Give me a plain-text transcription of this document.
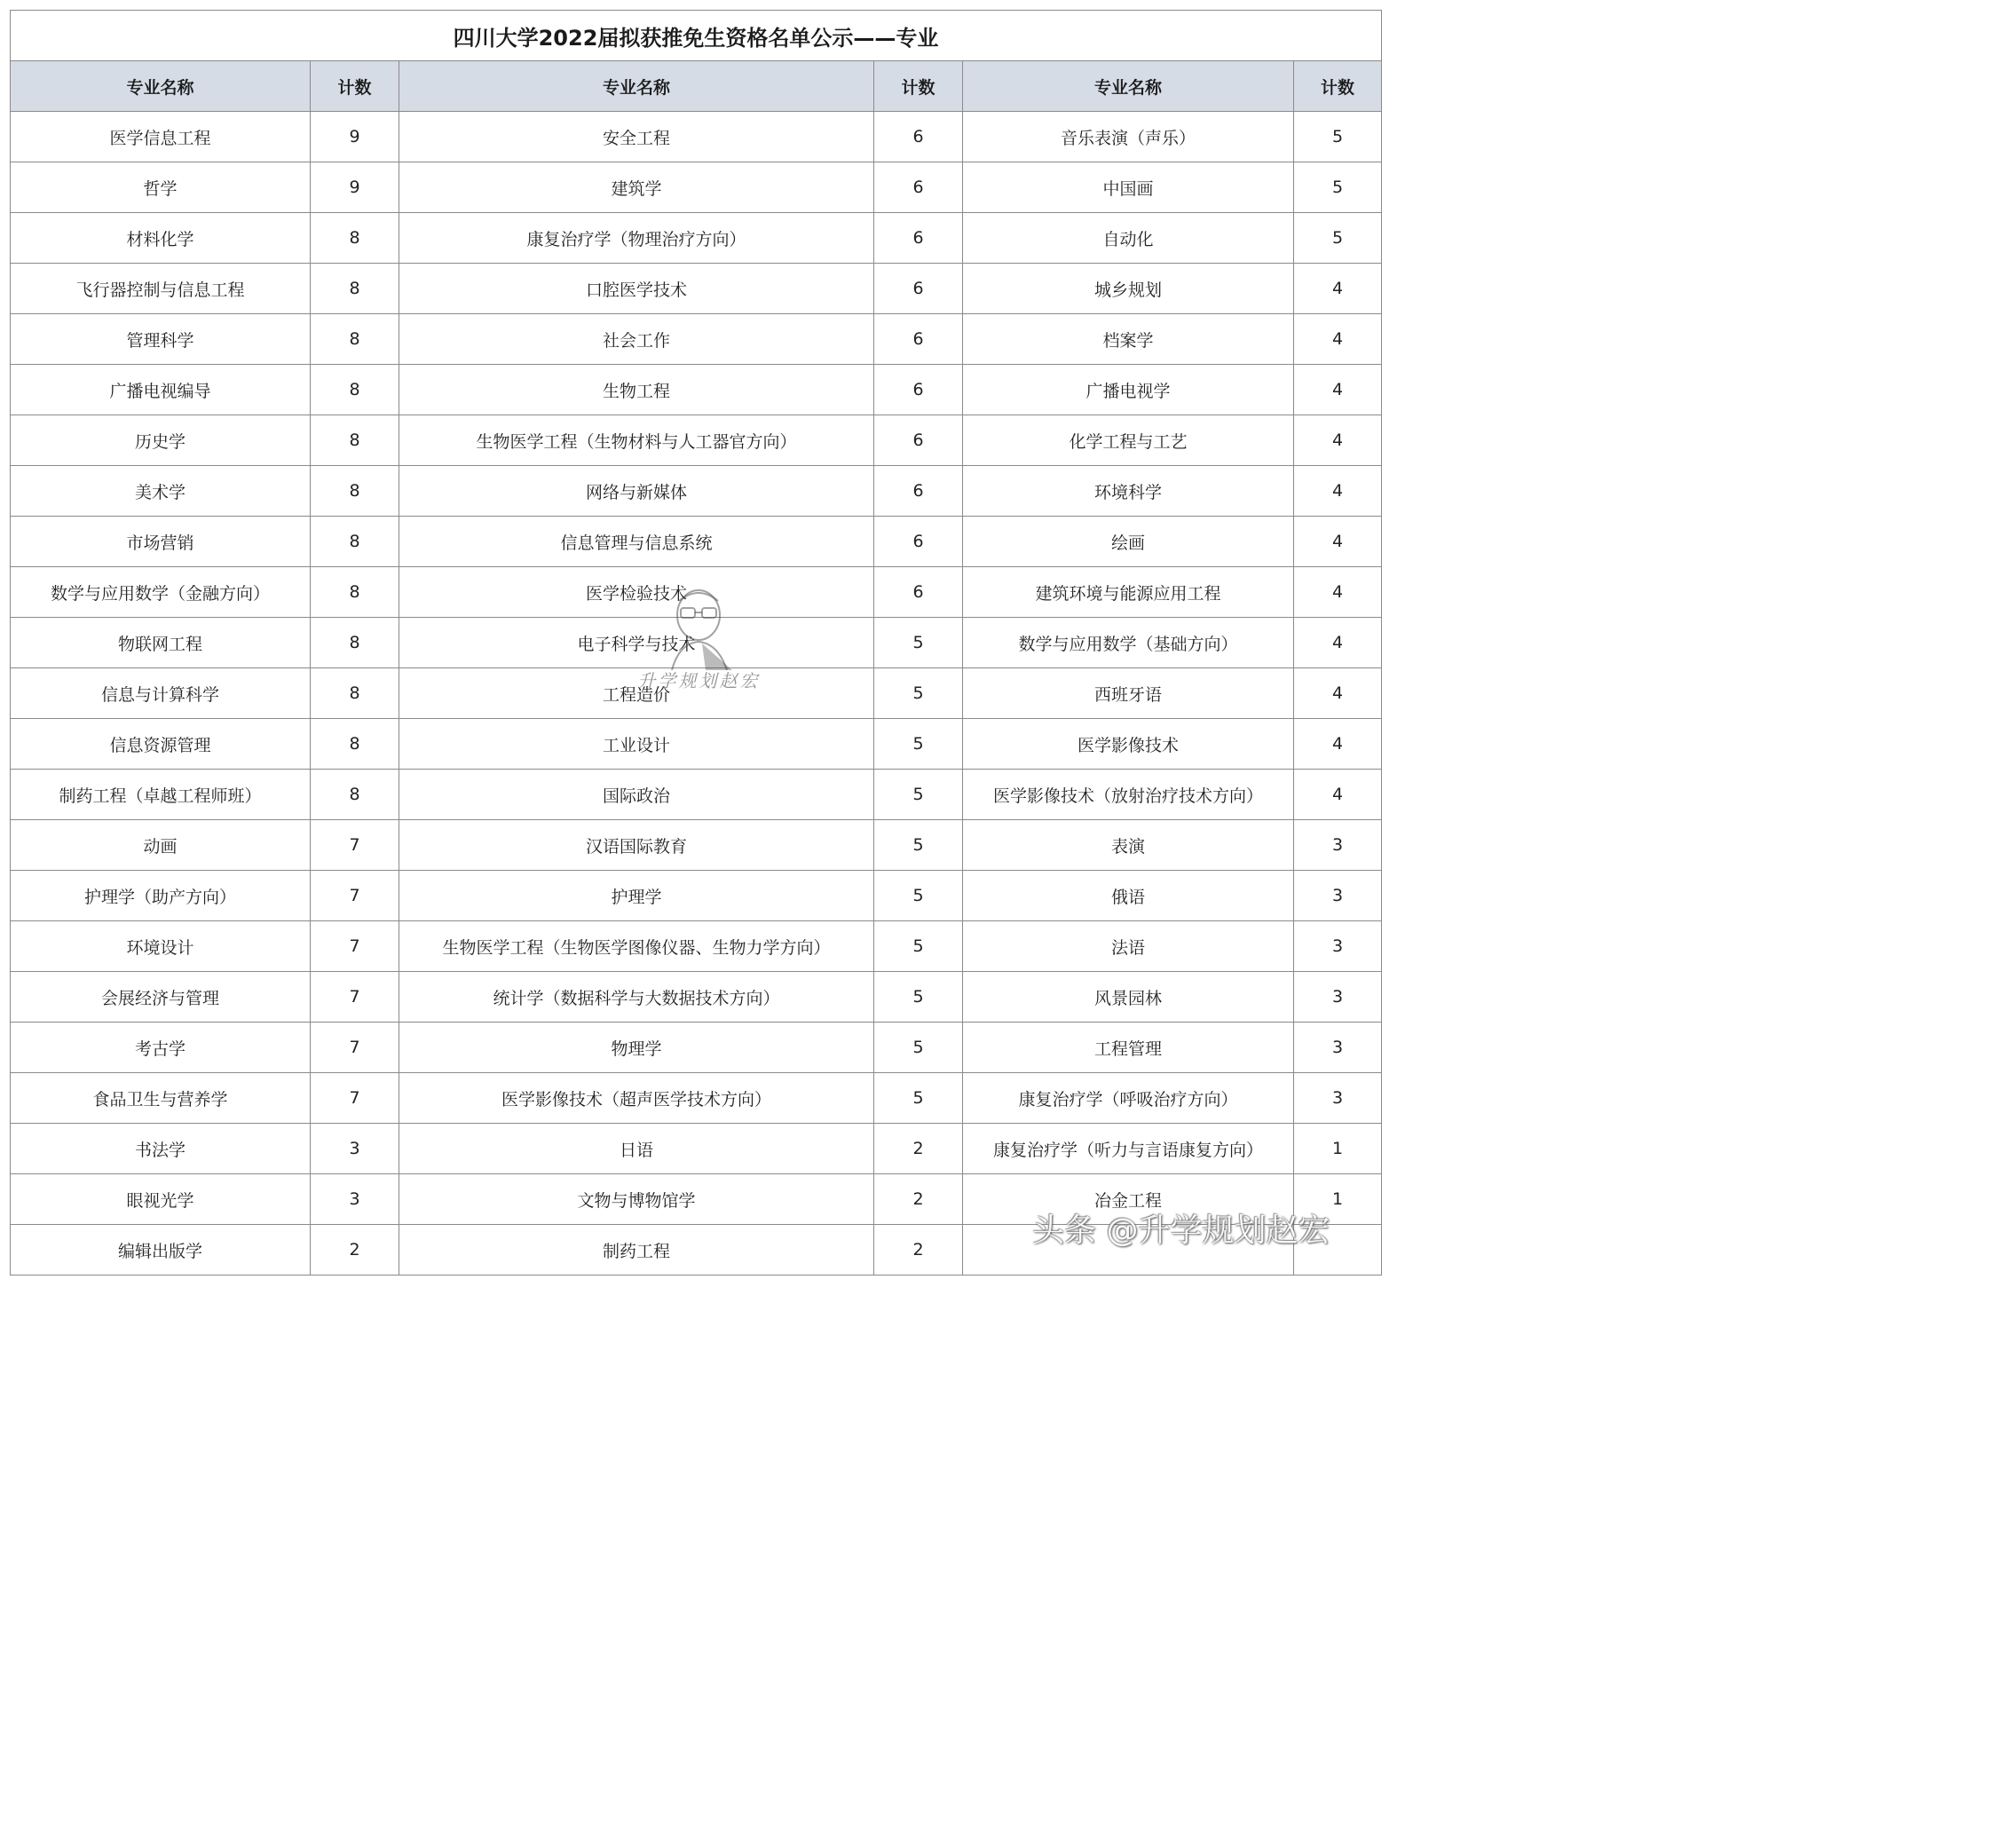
四川大学2022届拟获推免生资格名单公示——专业					
专业名称	计数	专业名称	计数	专业名称	计数
医学信息工程	9	安全工程	6	音乐表演（声乐）	5
哲学	9	建筑学	6	中国画	5
材料化学	8	康复治疗学（物理治疗方向）	6	自动化	5
飞行器控制与信息工程	8	口腔医学技术	6	城乡规划	4
管理科学	8	社会工作	6	档案学	4
广播电视编导	8	生物工程	6	广播电视学	4
历史学	8	生物医学工程（生物材料与人工器官方向）	6	化学工程与工艺	4
美术学	8	网络与新媒体	6	环境科学	4
市场营销	8	信息管理与信息系统	6	绘画	4
数学与应用数学（金融方向）	8	医学检验技术	6	建筑环境与能源应用工程	4
物联网工程	8	电子科学与技术	5	数学与应用数学（基础方向）	4
信息与计算科学	8	工程造价	5	西班牙语	4
信息资源管理	8	工业设计	5	医学影像技术	4
制药工程（卓越工程师班）	8	国际政治	5	医学影像技术（放射治疗技术方向）	4
动画	7	汉语国际教育	5	表演	3
护理学（助产方向）	7	护理学	5	俄语	3
环境设计	7	生物医学工程（生物医学图像仪器、生物力学方向）	5	法语	3
会展经济与管理	7	统计学（数据科学与大数据技术方向）	5	风景园林	3
考古学	7	物理学	5	工程管理	3
食品卫生与营养学	7	医学影像技术（超声医学技术方向）	5	康复治疗学（呼吸治疗方向）	3
书法学	3	日语	2	康复治疗学（听力与言语康复方向）	1
眼视光学	3	文物与博物馆学	2	冶金工程	1
编辑出版学	2	制药工程	2		
升学规划赵宏
头条 @升学规划赵宏
